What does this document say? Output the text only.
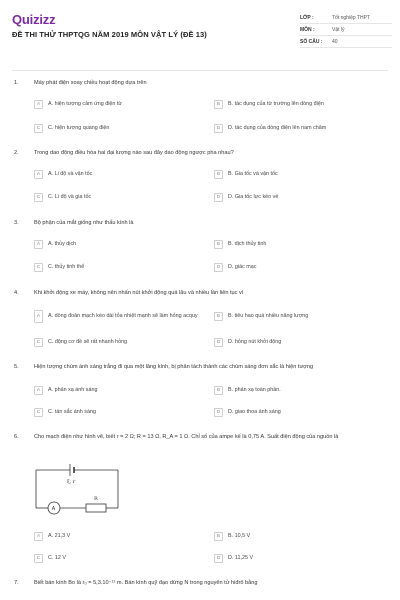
Quizizz
ĐỀ THI THỬ THPTQG NĂM 2019 MÔN VẬT LÝ (ĐỀ 13)
LỚP :	Tốt nghiệp THPT
MÔN :	Vật lý
SỐ CÂU :	40
1.	Máy phát điện xoay chiều hoạt động dựa trên
A	A. hiện tượng cảm ứng điện từ	B	B. tác dụng của từ trường lên dòng điện
C	C. hiện tượng quang điện	D	D. tác dụng của dòng điện lên nam châm
2.	Trong dao động điều hòa hai đại lượng nào sau đây dao động ngược pha nhau?
A	A. Li độ và vận tốc	B	B. Gia tốc và vận tốc
C	C. Li độ và gia tốc	D	D. Gia tốc lực kéo về
3.	Bộ phận của mắt giống như thấu kính là
A	A. thủy dịch	B	B. dịch thủy tinh
C	C. thủy tinh thể	D	D. giác mạc
4.	Khi khởi động xe máy, không nên nhấn nút khởi động quá lâu và nhiều lần liên tục vì
A	A. dòng đoản mạch kéo dài tỏa nhiệt mạnh sẽ làm hỏng acquy	B	B. tiêu hao quá nhiều năng lượng
C	C. động cơ đề sẽ rất nhanh hỏng	D	D. hỏng nút khởi động
5.	Hiện tượng chùm ánh sáng trắng đi qua một lăng kính, bị phân tách thành các chùm sáng đơn sắc là hiện tượng
A	A. phản xạ ánh sáng	B	B. phản xạ toàn phần.
C	C. tán sắc ánh sáng	D	D. giao thoa ánh sáng
6.	Cho mạch điện như hình vẽ, biết r = 2 Ω; R = 13 Ω, R_A = 1 Ω. Chỉ số của ampe kế là 0,75 A. Suất điện động của nguồn là
ξ, r
A
R
A	A. 21,3 V	B	B. 10,5 V
C	C. 12 V	D	D. 11,25 V
7.	Biết bán kính Bo là r₀ = 5,3.10⁻¹¹ m. Bán kính quỹ đạo dừng N trong nguyên tử hiđrô bằng
